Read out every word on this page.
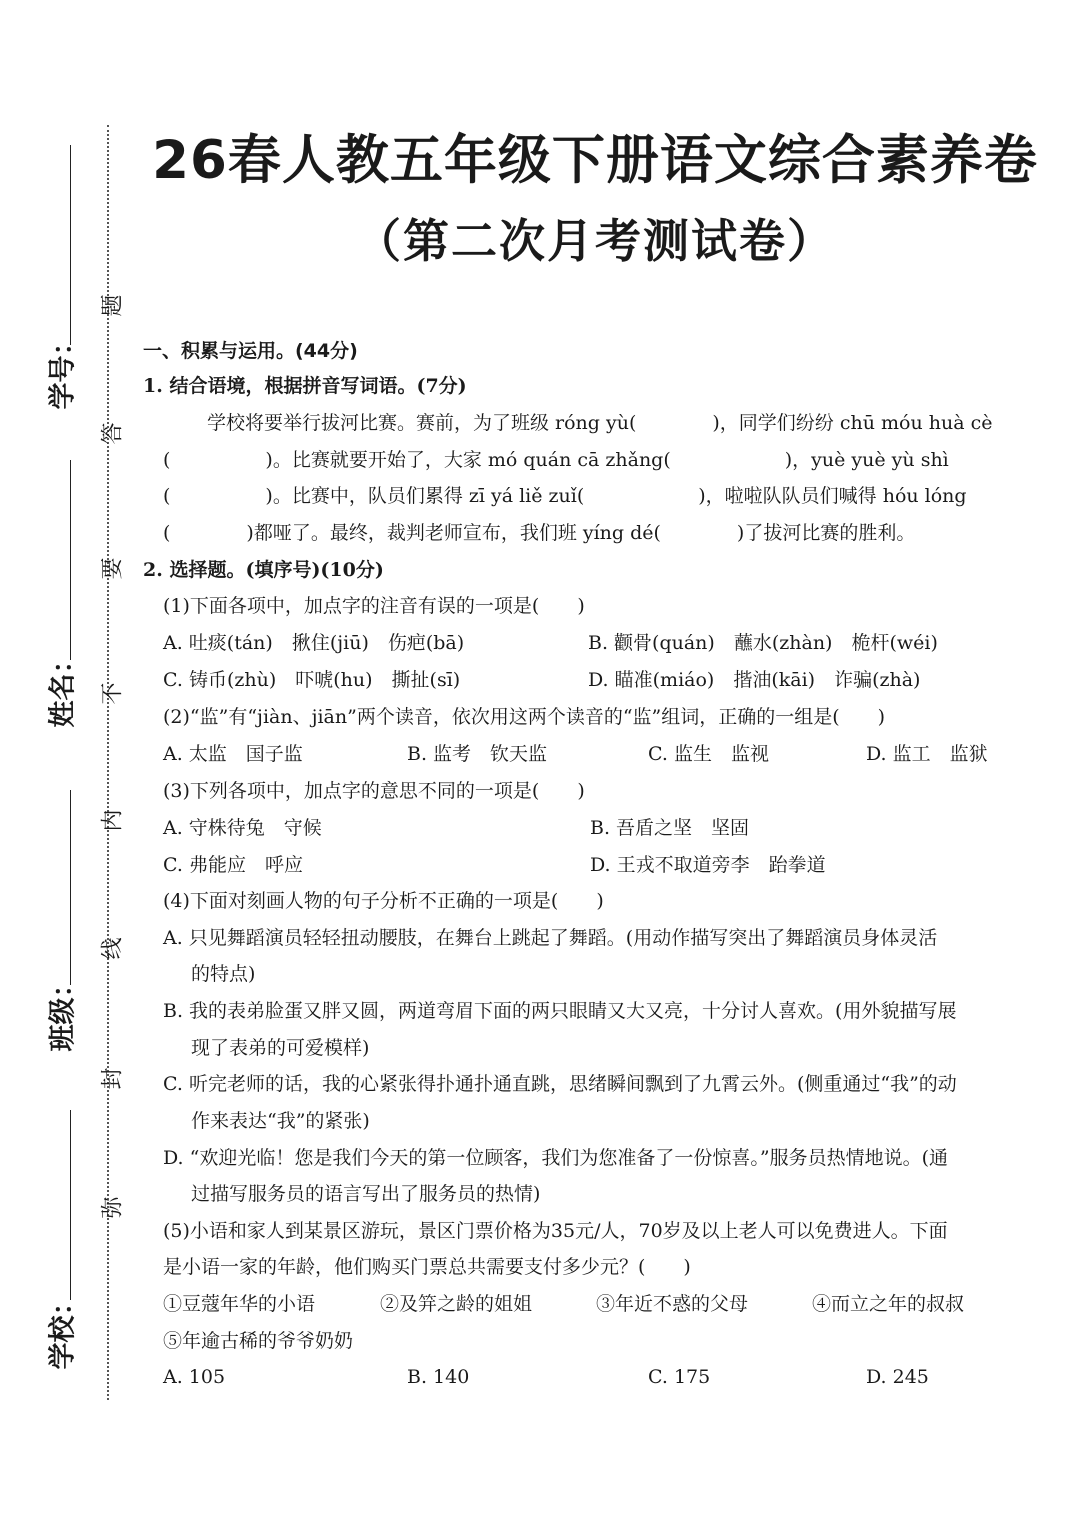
26春人教五年级下册语文综合素养卷
（第二次月考测试卷）
学号：
姓名：
班级：
学校：
题
答
要
不
内
线
封
弥
一、积累与运用。(44分)
1. 结合语境，根据拼音写词语。(7分)
学校将要举行拔河比赛。赛前，为了班级 róng yù(　　　　)，同学们纷纷 chū móu huà cè
(　　　　　)。比赛就要开始了，大家 mó quán cā zhǎng(　　　　　　)，yuè yuè yù shì
(　　　　　)。比赛中，队员们累得 zī yá liě zuǐ(　　　　　　)，啦啦队队员们喊得 hóu lóng
(　　　　)都哑了。最终，裁判老师宣布，我们班 yíng dé(　　　　)了拔河比赛的胜利。
2. 选择题。(填序号)(10分)
(1)下面各项中，加点字的注音有误的一项是(　　)
A. 吐痰(tán)　揪住(jiū)　伤疤(bā)	B. 颧骨(quán)　蘸水(zhàn)　桅杆(wéi)
C. 铸币(zhù)　吓唬(hu)　撕扯(sī)	D. 瞄准(miáo)　揩油(kāi)　诈骗(zhà)
(2)“监”有“jiàn、jiān”两个读音，依次用这两个读音的“监”组词，正确的一组是(　　)
A. 太监　国子监	B. 监考　钦天监	C. 监生　监视	D. 监工　监狱
(3)下列各项中，加点字的意思不同的一项是(　　)
A. 守株待兔　守候	B. 吾盾之坚　坚固
C. 弗能应　呼应	D. 王戎不取道旁李　跆拳道
(4)下面对刻画人物的句子分析不正确的一项是(　　)
A. 只见舞蹈演员轻轻扭动腰肢，在舞台上跳起了舞蹈。(用动作描写突出了舞蹈演员身体灵活
的特点)
B. 我的表弟脸蛋又胖又圆，两道弯眉下面的两只眼睛又大又亮，十分讨人喜欢。(用外貌描写展
现了表弟的可爱模样)
C. 听完老师的话，我的心紧张得扑通扑通直跳，思绪瞬间飘到了九霄云外。(侧重通过“我”的动
作来表达“我”的紧张)
D. “欢迎光临！您是我们今天的第一位顾客，我们为您准备了一份惊喜。”服务员热情地说。(通
过描写服务员的语言写出了服务员的热情)
(5)小语和家人到某景区游玩，景区门票价格为35元/人，70岁及以上老人可以免费进人。下面
是小语一家的年龄，他们购买门票总共需要支付多少元？(　　)
①豆蔻年华的小语	②及笄之龄的姐姐	③年近不惑的父母	④而立之年的叔叔
⑤年逾古稀的爷爷奶奶
A. 105	B. 140	C. 175	D. 245
